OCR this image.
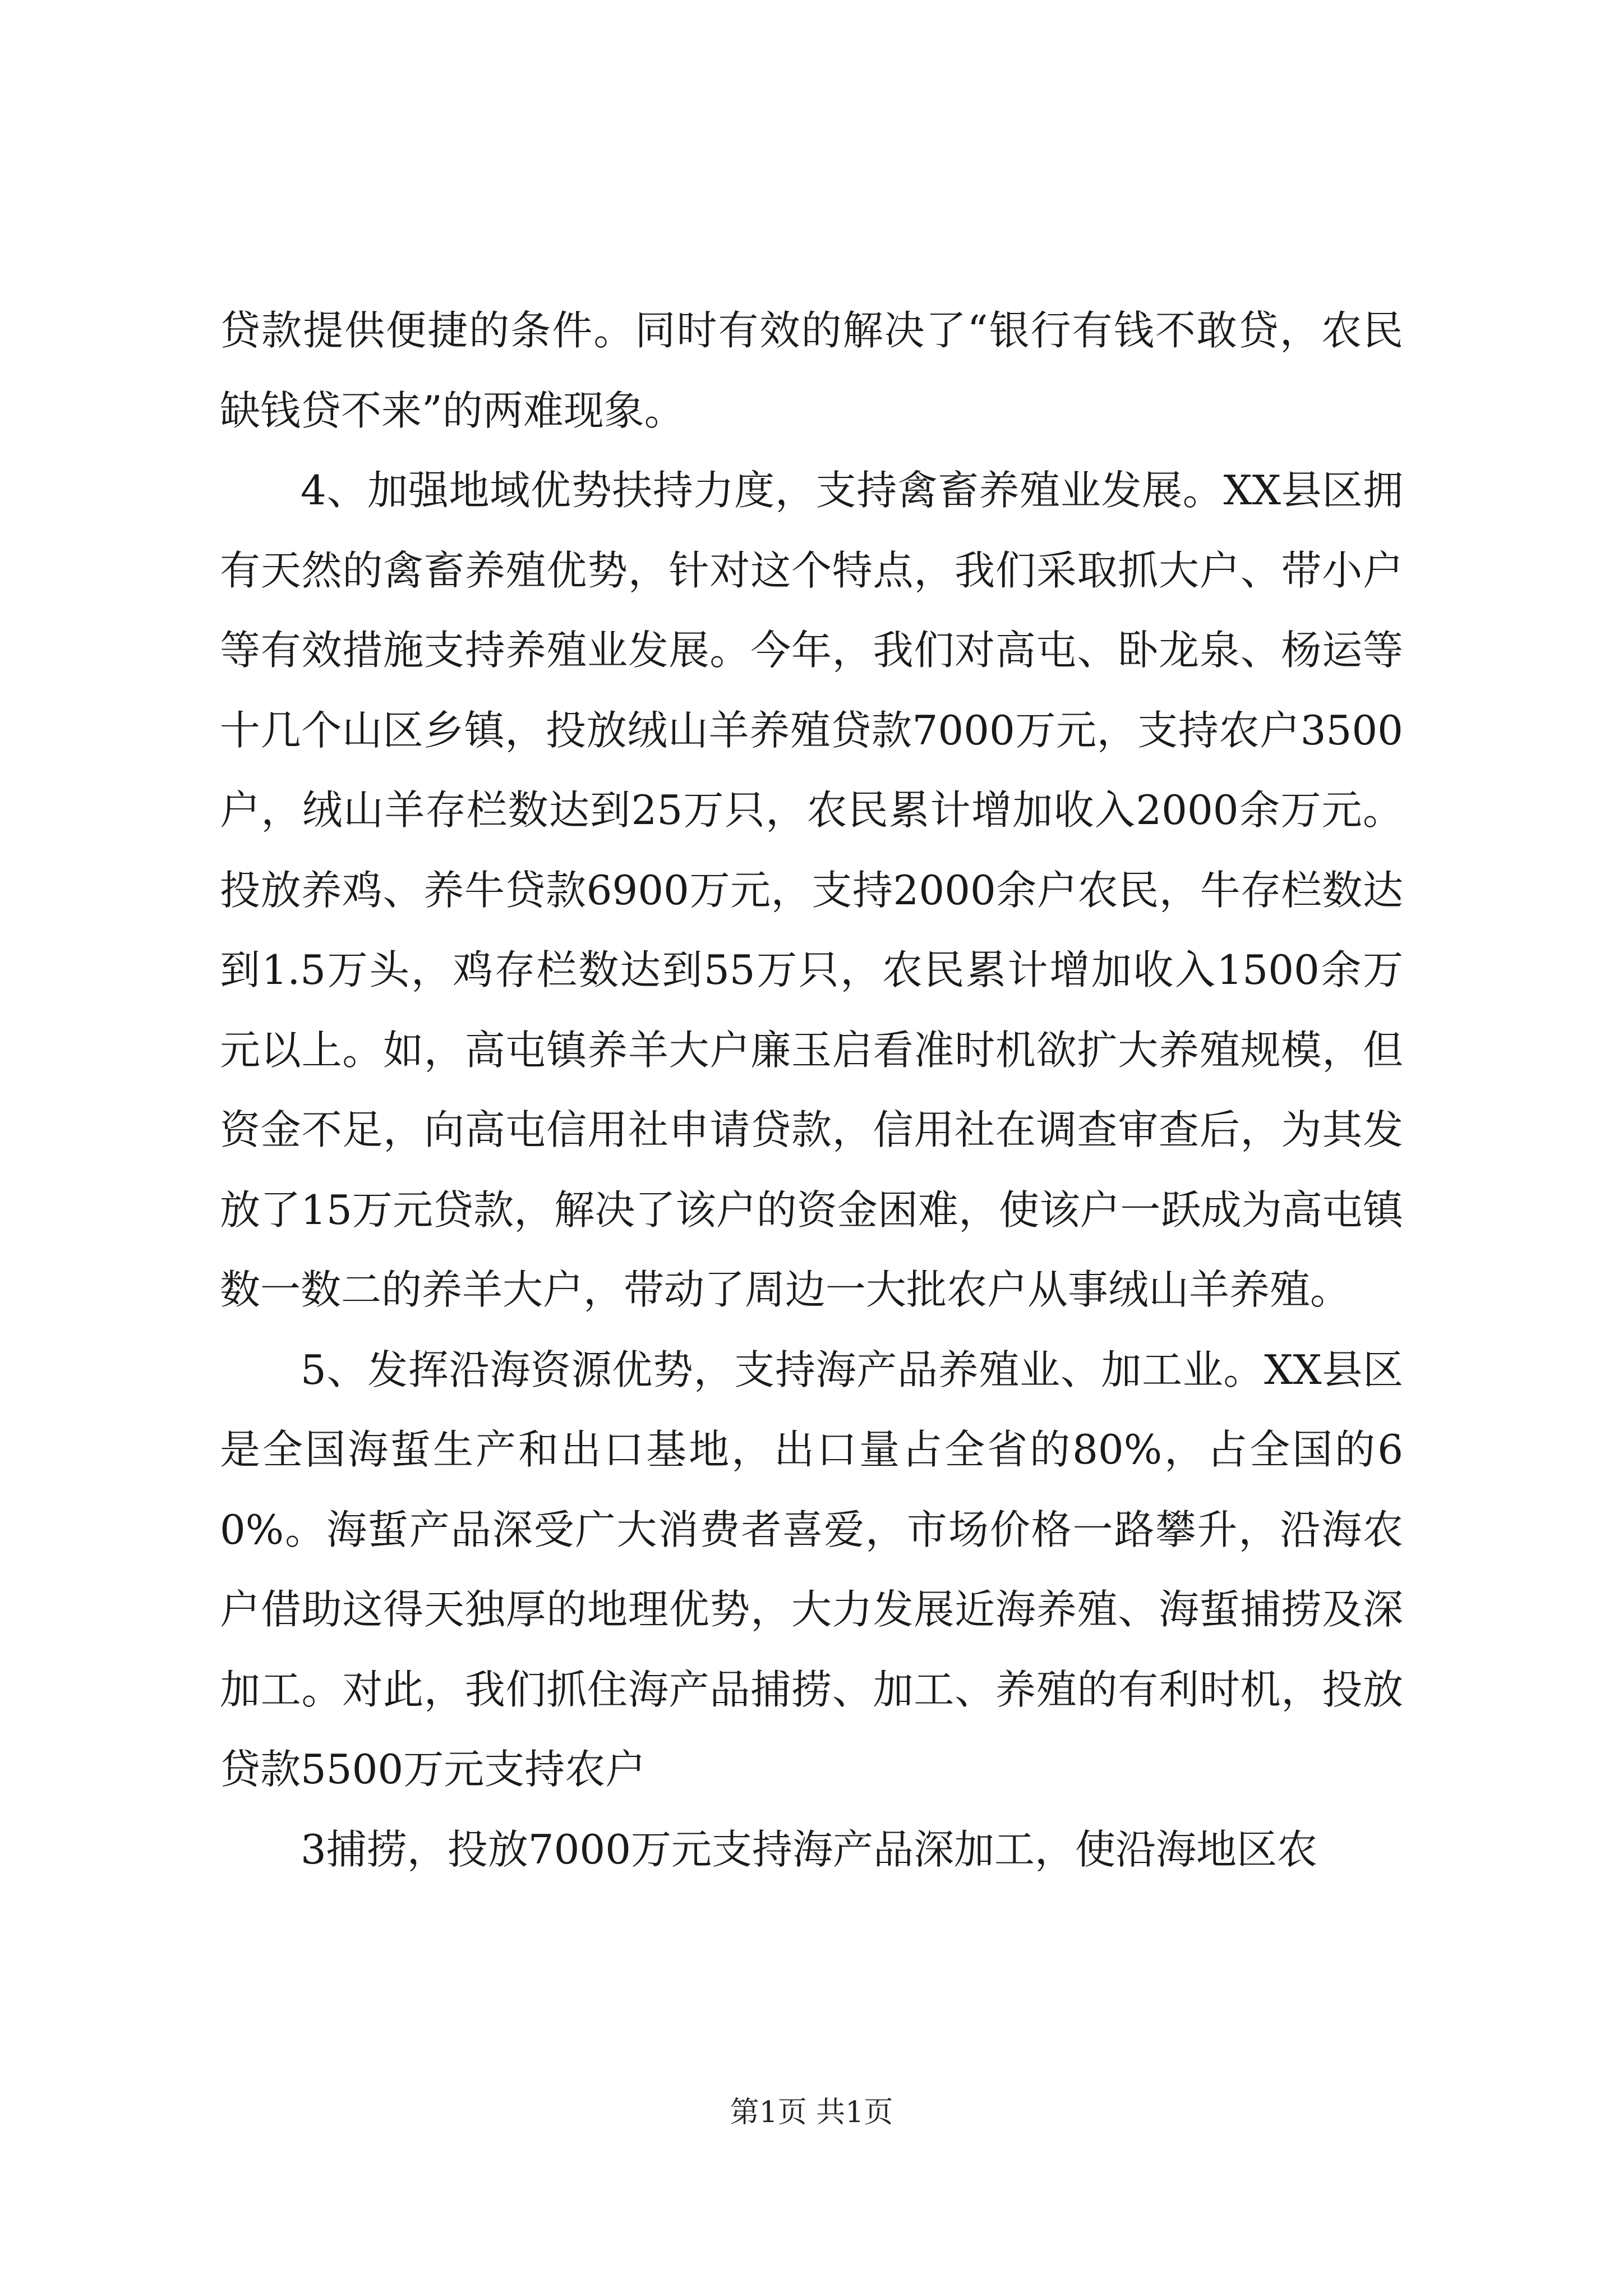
贷款提供便捷的条件。同时有效的解决了“银行有钱不敢贷，农民缺钱贷不来”的两难现象。

4、加强地域优势扶持力度，支持禽畜养殖业发展。XX县区拥有天然的禽畜养殖优势，针对这个特点，我们采取抓大户、带小户等有效措施支持养殖业发展。今年，我们对高屯、卧龙泉、杨运等十几个山区乡镇，投放绒山羊养殖贷款7000万元，支持农户3500户，绒山羊存栏数达到25万只，农民累计增加收入2000余万元。投放养鸡、养牛贷款6900万元，支持2000余户农民，牛存栏数达到1.5万头，鸡存栏数达到55万只，农民累计增加收入1500余万元以上。如，高屯镇养羊大户廉玉启看准时机欲扩大养殖规模，但资金不足，向高屯信用社申请贷款，信用社在调查审查后，为其发放了15万元贷款，解决了该户的资金困难，使该户一跃成为高屯镇数一数二的养羊大户，带动了周边一大批农户从事绒山羊养殖。

5、发挥沿海资源优势，支持海产品养殖业、加工业。XX县区是全国海蜇生产和出口基地，出口量占全省的80%，占全国的60%。海蜇产品深受广大消费者喜爱，市场价格一路攀升，沿海农户借助这得天独厚的地理优势，大力发展近海养殖、海蜇捕捞及深加工。对此，我们抓住海产品捕捞、加工、养殖的有利时机，投放贷款5500万元支持农户

3捕捞，投放7000万元支持海产品深加工，使沿海地区农

第1页 共1页
